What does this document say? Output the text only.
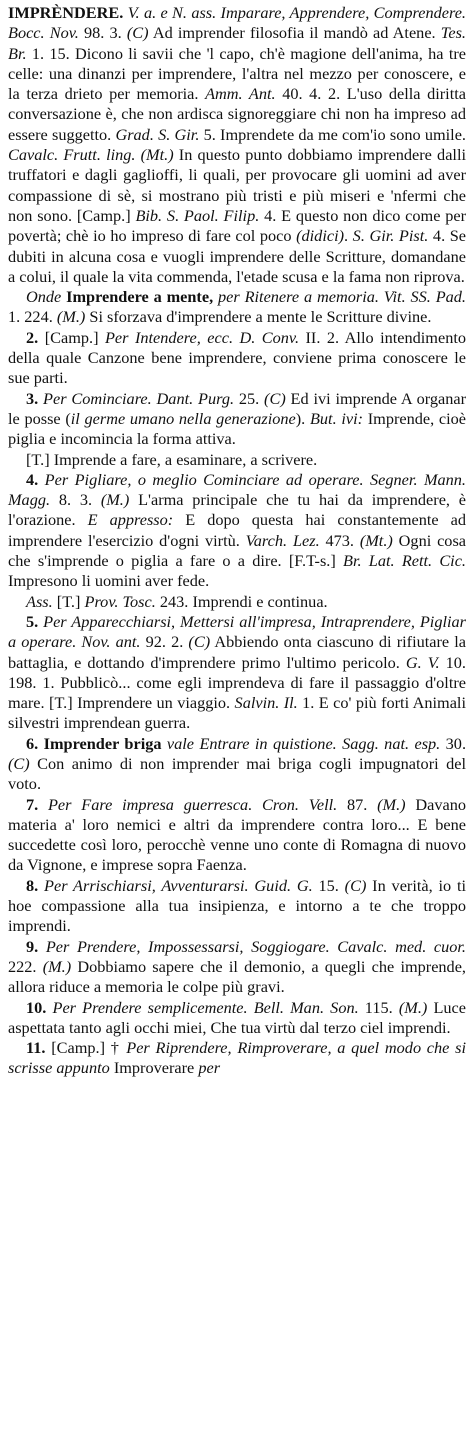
IMPRÈNDERE. V. a. e N. ass. Imparare, Apprendere, Comprendere. Bocc. Nov. 98. 3. (C) Ad imprender filosofia il mandò ad Atene. Tes. Br. 1. 15. Dicono li savii che 'l capo, ch'è magione dell'anima, ha tre celle: una dinanzi per imprendere, l'altra nel mezzo per conoscere, e la terza drieto per memoria. Amm. Ant. 40. 4. 2. L'uso della diritta conversazione è, che non ardisca signoreggiare chi non ha impreso ad essere suggetto. Grad. S. Gir. 5. Imprendete da me com'io sono umile. Cavalc. Frutt. ling. (Mt.) In questo punto dobbiamo imprendere dalli truffatori e dagli gaglioffi, li quali, per provocare gli uomini ad aver compassione di sè, si mostrano più tristi e più miseri e 'nfermi che non sono. [Camp.] Bib. S. Paol. Filip. 4. E questo non dico come per povertà; chè io ho impreso di fare col poco (didici). S. Gir. Pist. 4. Se dubiti in alcuna cosa e vuogli imprendere delle Scritture, domandane a colui, il quale la vita commenda, l'etade scusa e la fama non riprova.

Onde Imprendere a mente, per Ritenere a memoria. Vit. SS. Pad. 1. 224. (M.) Si sforzava d'imprendere a mente le Scritture divine.

2. [Camp.] Per Intendere, ecc. D. Conv. II. 2. Allo intendimento della quale Canzone bene imprendere, conviene prima conoscere le sue parti.

3. Per Cominciare. Dant. Purg. 25. (C) Ed ivi imprende A organar le posse (il germe umano nella generazione). But. ivi: Imprende, cioè piglia e incomincia la forma attiva.

[T.] Imprende a fare, a esaminare, a scrivere.

4. Per Pigliare, o meglio Cominciare ad operare. Segner. Mann. Magg. 8. 3. (M.) L'arma principale che tu hai da imprendere, è l'orazione. E appresso: E dopo questa hai constantemente ad imprendere l'esercizio d'ogni virtù. Varch. Lez. 473. (Mt.) Ogni cosa che s'imprende o piglia a fare o a dire. [F.T-s.] Br. Lat. Rett. Cic. Impresono li uomini aver fede.

Ass. [T.] Prov. Tosc. 243. Imprendi e continua.

5. Per Apparecchiarsi, Mettersi all'impresa, Intraprendere, Pigliar a operare. Nov. ant. 92. 2. (C) Abbiendo onta ciascuno di rifiutare la battaglia, e dottando d'imprendere primo l'ultimo pericolo. G. V. 10. 198. 1. Pubblicò... come egli imprendeva di fare il passaggio d'oltre mare. [T.] Imprendere un viaggio. Salvin. Il. 1. E co' più forti Animali silvestri imprendean guerra.

6. Imprender briga vale Entrare in quistione. Sagg. nat. esp. 30. (C) Con animo di non imprender mai briga cogli impugnatori del voto.

7. Per Fare impresa guerresca. Cron. Vell. 87. (M.) Davano materia a' loro nemici e altri da imprendere contra loro... E bene succedette così loro, perocchè venne uno conte di Romagna di nuovo da Vignone, e imprese sopra Faenza.

8. Per Arrischiarsi, Avventurarsi. Guid. G. 15. (C) In verità, io ti hoe compassione alla tua insipienza, e intorno a te che troppo imprendi.

9. Per Prendere, Impossessarsi, Soggiogare. Cavalc. med. cuor. 222. (M.) Dobbiamo sapere che il demonio, a quegli che imprende, allora riduce a memoria le colpe più gravi.

10. Per Prendere semplicemente. Bell. Man. Son. 115. (M.) Luce aspettata tanto agli occhi miei, Che tua virtù dal terzo ciel imprendi.

11. [Camp.] † Per Riprendere, Rimproverare, a quel modo che si scrisse appunto Improverare per
